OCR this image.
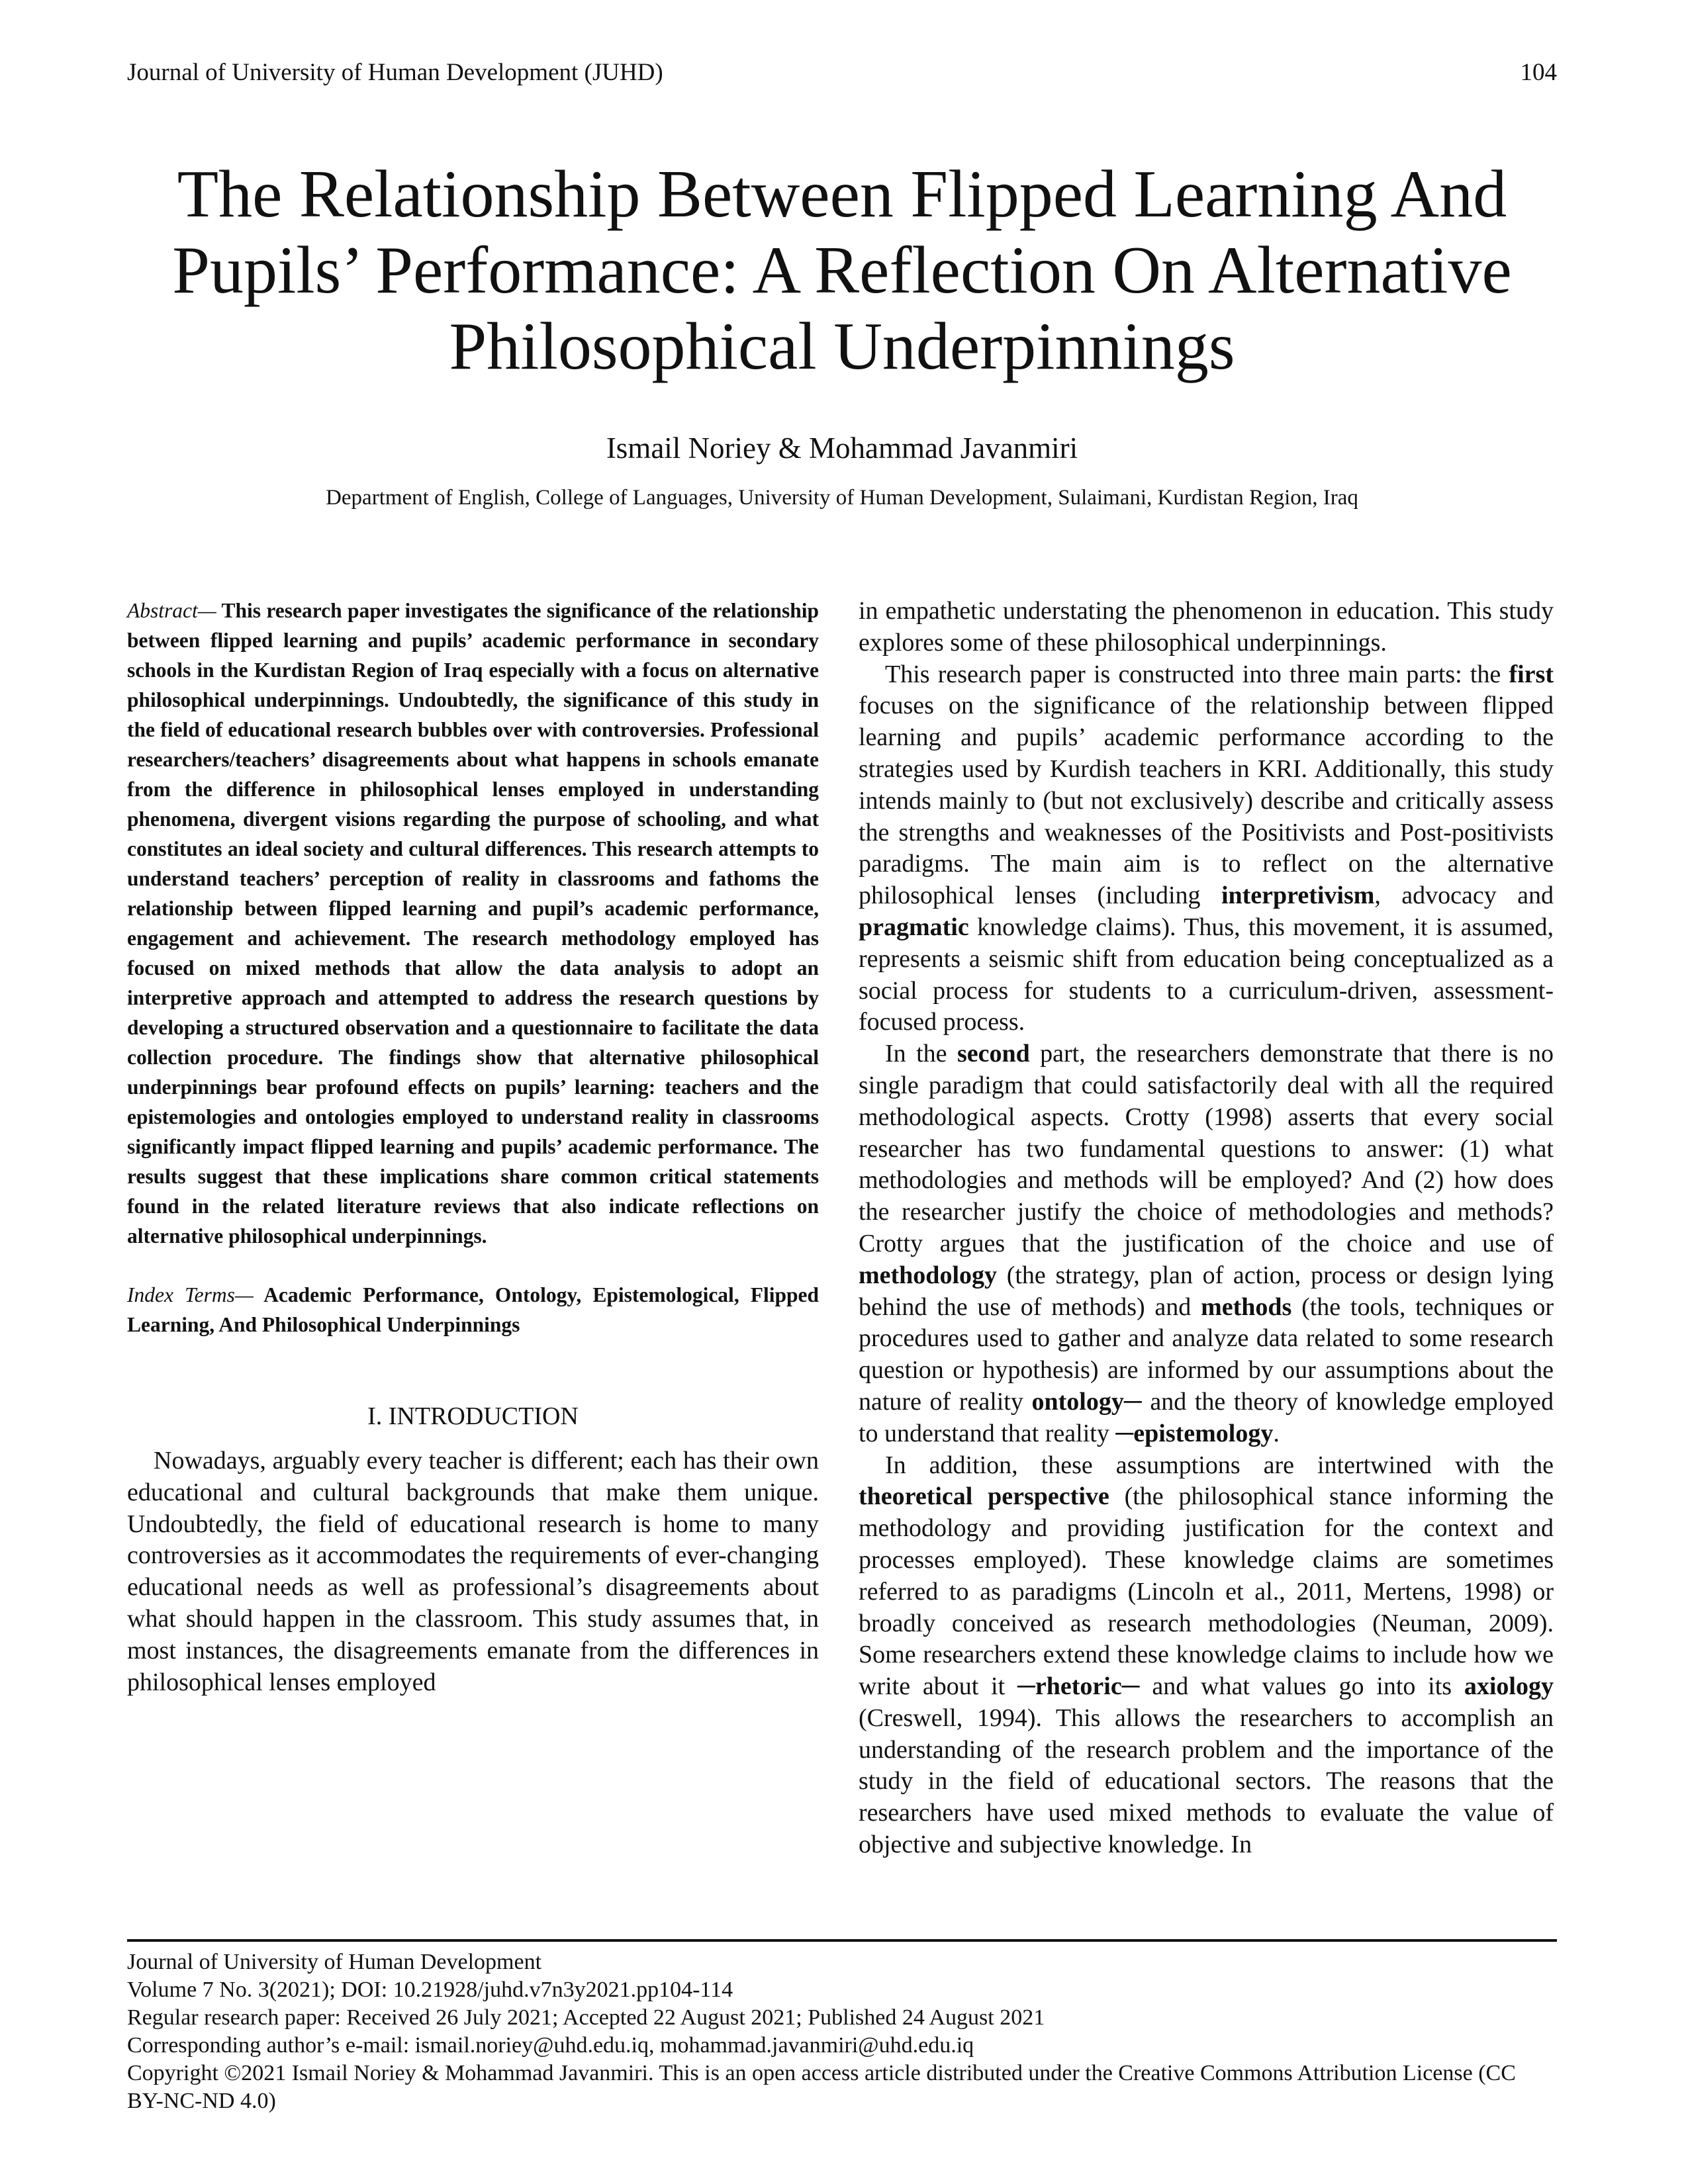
Journal of University of Human Development (JUHD)	104
The Relationship Between Flipped Learning And
Pupils’ Performance: A Reflection On Alternative
Philosophical Underpinnings
Ismail Noriey & Mohammad Javanmiri
Department of English, College of Languages, University of Human Development, Sulaimani, Kurdistan Region, Iraq

Abstract— This research paper investigates the significance of the relationship between flipped learning and pupils’ academic performance in secondary schools in the Kurdistan Region of Iraq especially with a focus on alternative philosophical underpinnings. Undoubtedly, the significance of this study in the field of educational research bubbles over with controversies. Professional researchers/teachers’ disagreements about what happens in schools emanate from the difference in philosophical lenses employed in understanding phenomena, divergent visions regarding the purpose of schooling, and what constitutes an ideal society and cultural differences. This research attempts to understand teachers’ perception of reality in classrooms and fathoms the relationship between flipped learning and pupil’s academic performance, engagement and achievement. The research methodology employed has focused on mixed methods that allow the data analysis to adopt an interpretive approach and attempted to address the research questions by developing a structured observation and a questionnaire to facilitate the data collection procedure. The findings show that alternative philosophical underpinnings bear profound effects on pupils’ learning: teachers and the epistemologies and ontologies employed to understand reality in classrooms significantly impact flipped learning and pupils’ academic performance. The results suggest that these implications share common critical statements found in the related literature reviews that also indicate reflections on alternative philosophical underpinnings.

Index Terms— Academic Performance, Ontology, Epistemological, Flipped Learning, And Philosophical Underpinnings

I. INTRODUCTION

Nowadays, arguably every teacher is different; each has their own educational and cultural backgrounds that make them unique. Undoubtedly, the field of educational research is home to many controversies as it accommodates the requirements of ever-changing educational needs as well as professional’s disagreements about what should happen in the classroom. This study assumes that, in most instances, the disagreements emanate from the differences in philosophical lenses employed

in empathetic understating the phenomenon in education. This study explores some of these philosophical underpinnings.

This research paper is constructed into three main parts: the first focuses on the significance of the relationship between flipped learning and pupils’ academic performance according to the strategies used by Kurdish teachers in KRI. Additionally, this study intends mainly to (but not exclusively) describe and critically assess the strengths and weaknesses of the Positivists and Post-positivists paradigms. The main aim is to reflect on the alternative philosophical lenses (including interpretivism, advocacy and pragmatic knowledge claims). Thus, this movement, it is assumed, represents a seismic shift from education being conceptualized as a social process for students to a curriculum-driven, assessment-focused process.

In the second part, the researchers demonstrate that there is no single paradigm that could satisfactorily deal with all the required methodological aspects. Crotty (1998) asserts that every social researcher has two fundamental questions to answer: (1) what methodologies and methods will be employed? And (2) how does the researcher justify the choice of methodologies and methods? Crotty argues that the justification of the choice and use of methodology (the strategy, plan of action, process or design lying behind the use of methods) and methods (the tools, techniques or procedures used to gather and analyze data related to some research question or hypothesis) are informed by our assumptions about the nature of reality ontology─ and the theory of knowledge employed to understand that reality ─epistemology.

In addition, these assumptions are intertwined with the theoretical perspective (the philosophical stance informing the methodology and providing justification for the context and processes employed). These knowledge claims are sometimes referred to as paradigms (Lincoln et al., 2011, Mertens, 1998) or broadly conceived as research methodologies (Neuman, 2009). Some researchers extend these knowledge claims to include how we write about it ─rhetoric─ and what values go into its axiology (Creswell, 1994). This allows the researchers to accomplish an understanding of the research problem and the importance of the study in the field of educational sectors. The reasons that the researchers have used mixed methods to evaluate the value of objective and subjective knowledge. In

Journal of University of Human Development
Volume 7 No. 3(2021); DOI: 10.21928/juhd.v7n3y2021.pp104-114
Regular research paper: Received 26 July 2021; Accepted 22 August 2021; Published 24 August 2021
Corresponding author’s e-mail: ismail.noriey@uhd.edu.iq, mohammad.javanmiri@uhd.edu.iq
Copyright ©2021 Ismail Noriey & Mohammad Javanmiri. This is an open access article distributed under the Creative Commons Attribution License (CC BY-NC-ND 4.0)
